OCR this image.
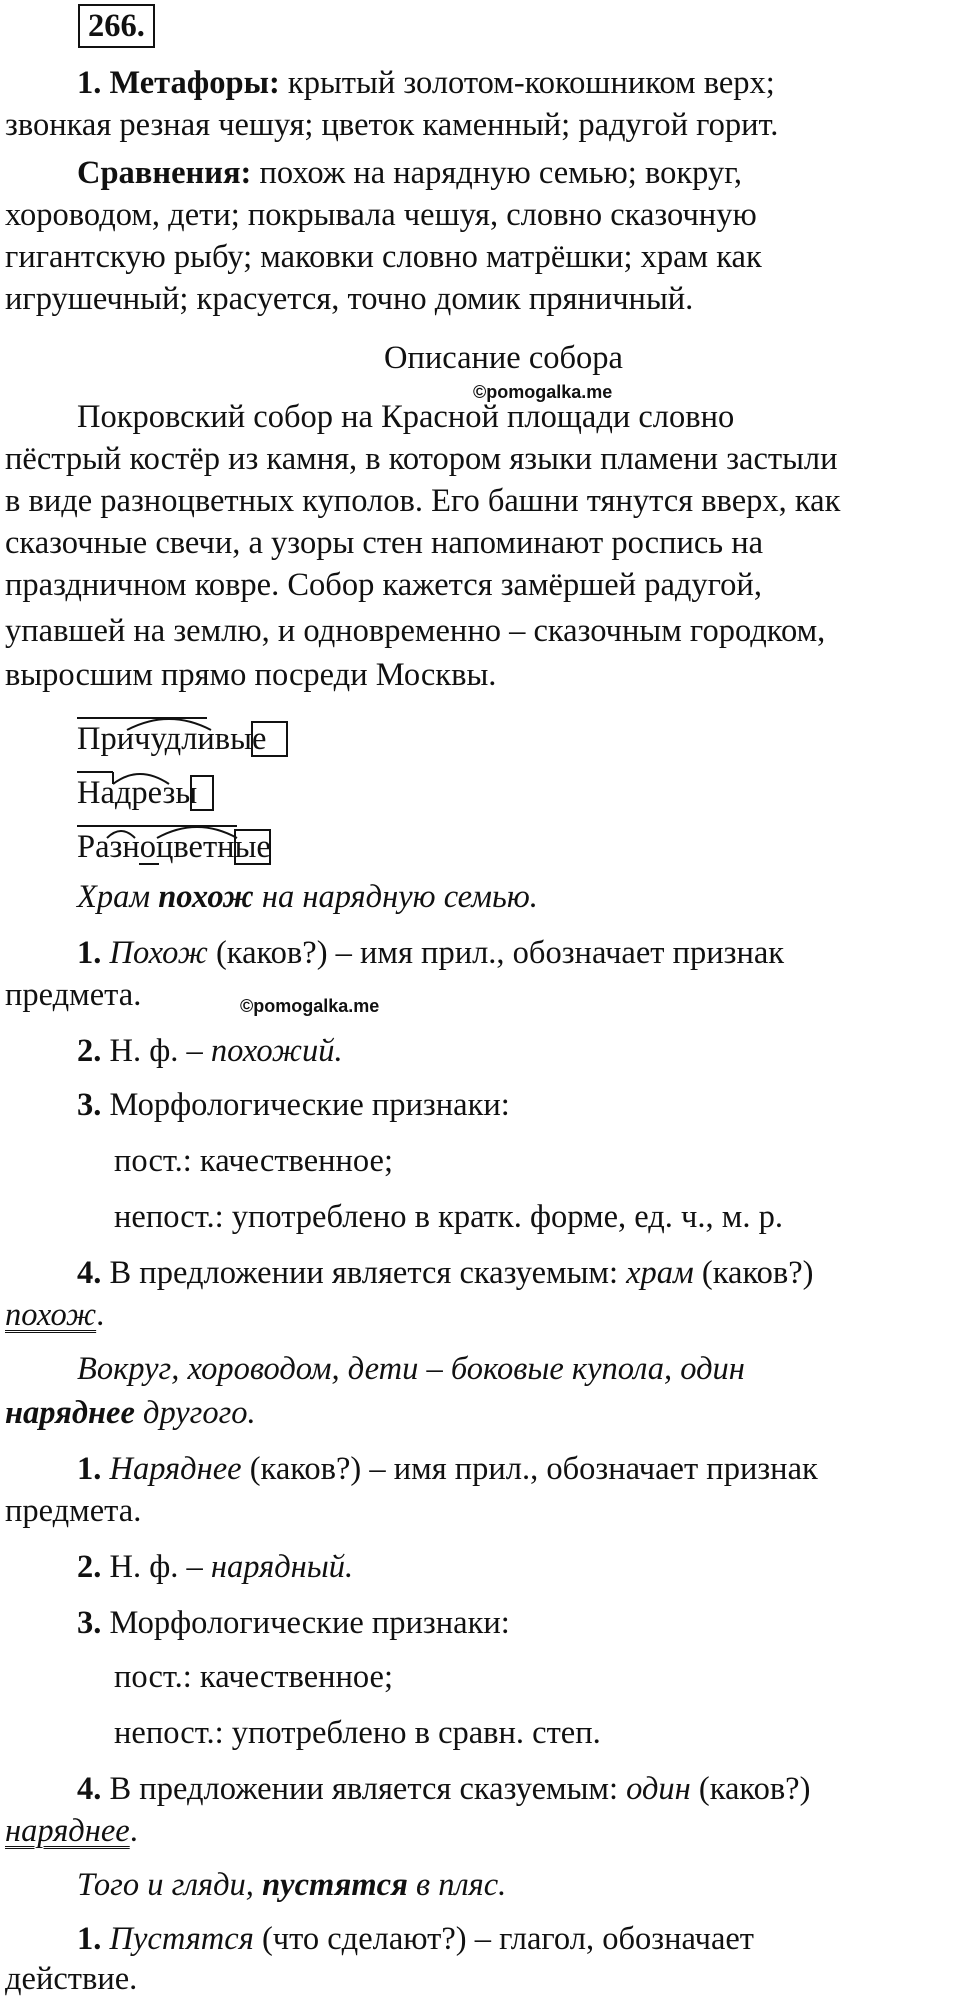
266.
1. Метафоры: крытый золотом-кокошником верх;
звонкая резная чешуя; цветок каменный; радугой горит.
Сравнения: похож на нарядную семью; вокруг,
хороводом, дети; покрывала чешуя, словно сказочную
гигантскую рыбу; маковки словно матрёшки; храм как
игрушечный; красуется, точно домик пряничный.
Описание собора
©pomogalka.me
Покровский собор на Красной площади словно
пёстрый костёр из камня, в котором языки пламени застыли
в виде разноцветных куполов. Его башни тянутся вверх, как
сказочные свечи, а узоры стен напоминают роспись на
праздничном ковре. Собор кажется замёршей радугой,
упавшей на землю, и одновременно – сказочным городком,
выросшим прямо посреди Москвы.
Причудливые
Надрезы
Разноцветные
Храм похож на нарядную семью.
1. Похож (каков?) – имя прил., обозначает признак
предмета.	©pomogalka.me
2. Н. ф. – похожий.
3. Морфологические признаки:
пост.: качественное;
непост.: употреблено в кратк. форме, ед. ч., м. р.
4. В предложении является сказуемым: храм (каков?)
похож.
Вокруг, хороводом, дети – боковые купола, один
наряднее другого.
1. Наряднее (каков?) – имя прил., обозначает признак
предмета.
2. Н. ф. – нарядный.
3. Морфологические признаки:
пост.: качественное;
непост.: употреблено в сравн. степ.
4. В предложении является сказуемым: один (каков?)
наряднее.
Того и гляди, пустятся в пляс.
1. Пустятся (что сделают?) – глагол, обозначает
действие.
